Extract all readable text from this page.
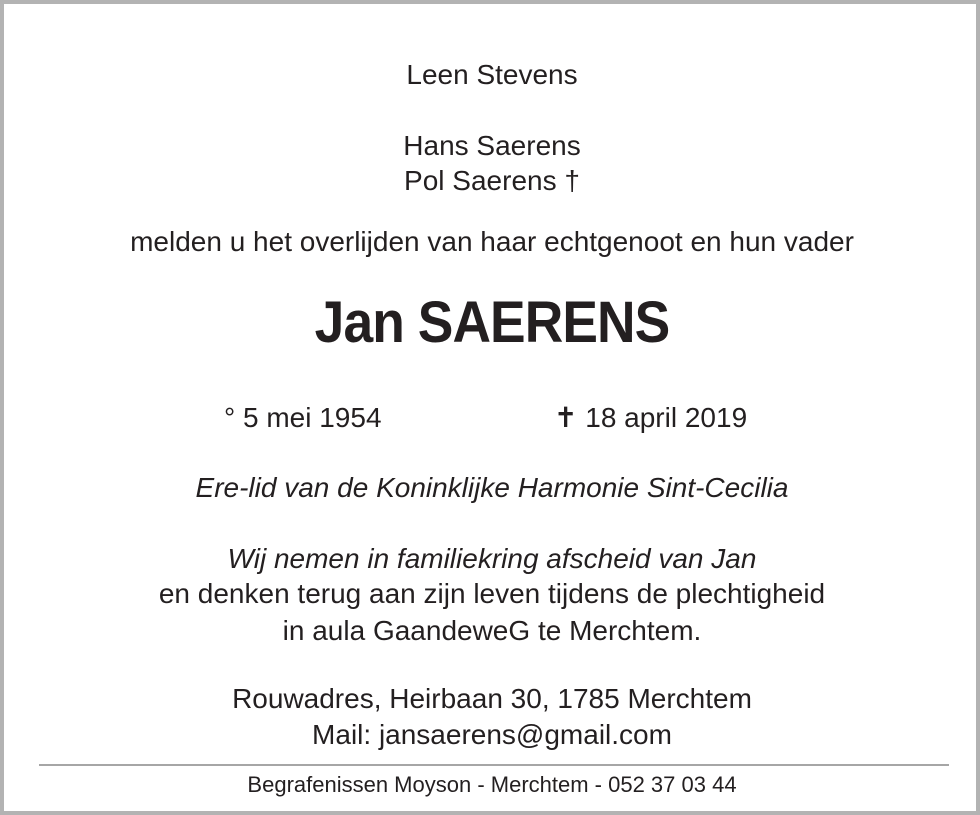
Leen Stevens
Hans Saerens
Pol Saerens †
melden u het overlijden van haar echtgenoot en hun vader
Jan SAERENS
° 5 mei 1954	✝ 18 april 2019
Ere-lid van de Koninklijke Harmonie Sint-Cecilia
Wij nemen in familiekring afscheid van Jan
en denken terug aan zijn leven tijdens de plechtigheid
in aula GaandeweG te Merchtem.
Rouwadres, Heirbaan 30, 1785 Merchtem
Mail: jansaerens@gmail.com
Begrafenissen Moyson - Merchtem - 052 37 03 44
